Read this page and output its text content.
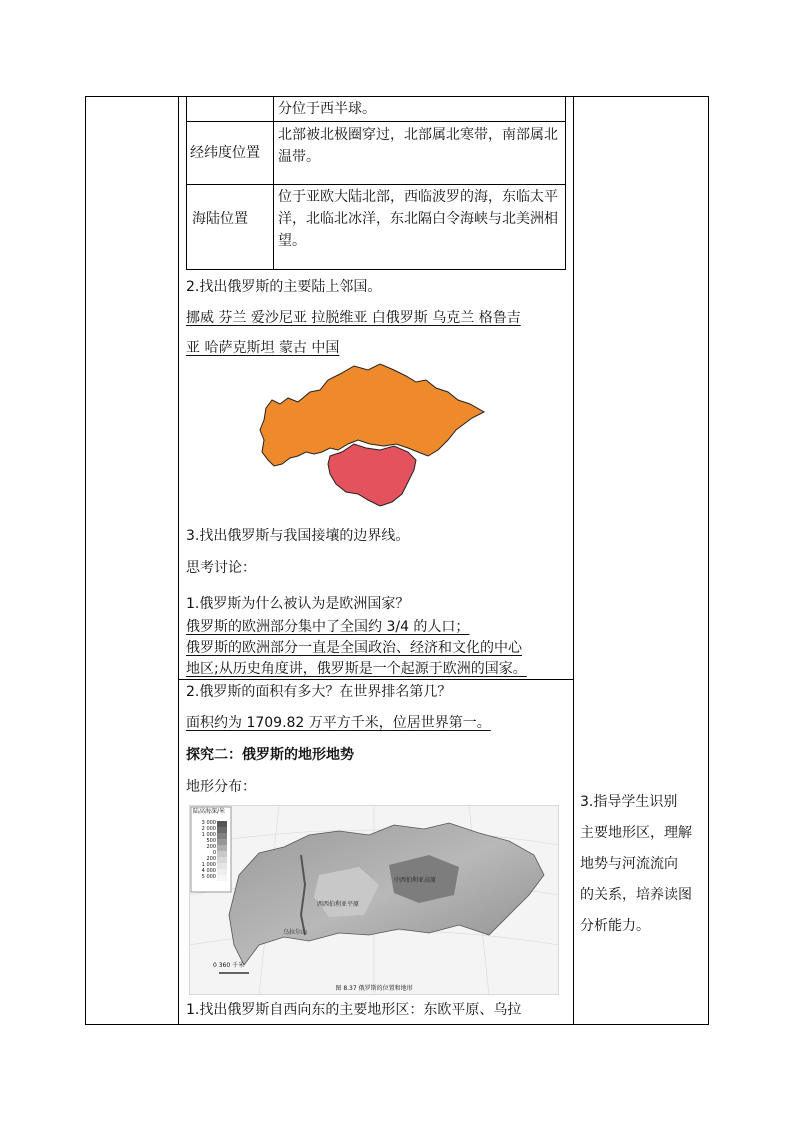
分位于西半球。
经纬度位置
北部被北极圈穿过，北部属北寒带，南部属北温带。
海陆位置
位于亚欧大陆北部，西临波罗的海，东临太平洋，北临北冰洋，东北隔白令海峡与北美洲相望。
2.找出俄罗斯的主要陆上邻国。
挪威 芬兰 爱沙尼亚 拉脱维亚 白俄罗斯 乌克兰 格鲁吉
亚 哈萨克斯坦 蒙古 中国
3.找出俄罗斯与我国接壤的边界线。
思考讨论：
1.俄罗斯为什么被认为是欧洲国家？
俄罗斯的欧洲部分集中了全国约 3/4 的人口；
俄罗斯的欧洲部分一直是全国政治、经济和文化的中心
地区;从历史角度讲，俄罗斯是一个起源于欧洲的国家。
2.俄罗斯的面积有多大？在世界排名第几？
面积约为 1709.82 万平方千米，位居世界第一。
探究二：俄罗斯的地形地势
地形分布：
陆高海深/米
3 000
2 000
1 000
500
200
0
200
1 000
4 000
5 000	中西伯利亚高原
西西伯利亚平原
乌拉尔山
0 360 千米
图 8.37 俄罗斯的位置和地形
1.找出俄罗斯自西向东的主要地形区：东欧平原、乌拉
3.指导学生识别
主要地形区，理解
地势与河流流向
的关系，培养读图
分析能力。
